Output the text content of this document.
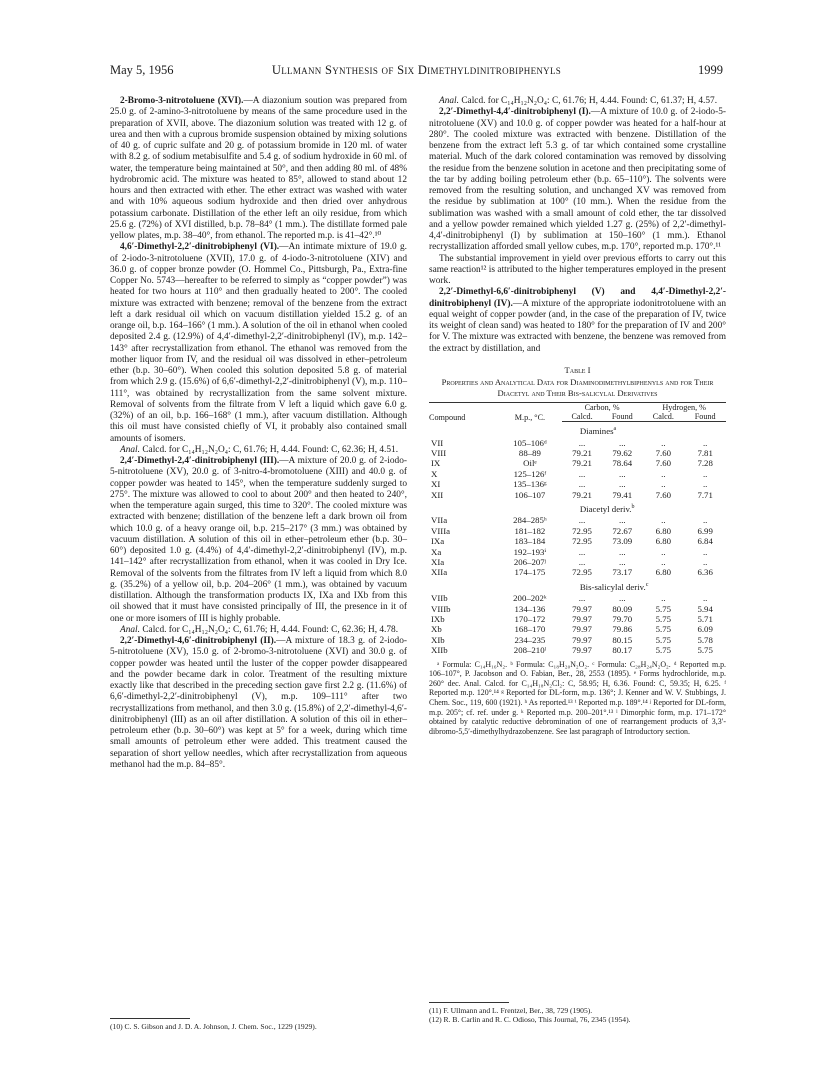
May 5, 1956	Ullmann Synthesis of Six Dimethyldinitrobiphenyls	1999

2-Bromo-3-nitrotoluene (XVI).—A diazonium soution was prepared from 25.0 g. of 2-amino-3-nitrotoluene by means of the same procedure used in the preparation of XVII, above. The diazonium solution was treated with 12 g. of urea and then with a cuprous bromide suspension obtained by mixing solutions of 40 g. of cupric sulfate and 20 g. of potassium bromide in 120 ml. of water with 8.2 g. of sodium metabisulfite and 5.4 g. of sodium hydroxide in 60 ml. of water, the temperature being maintained at 50°, and then adding 80 ml. of 48% hydrobromic acid. The mixture was heated to 85°, allowed to stand about 12 hours and then extracted with ether. The ether extract was washed with water and with 10% aqueous sodium hydroxide and then dried over anhydrous potassium carbonate. Distillation of the ether left an oily residue, from which 25.6 g. (72%) of XVI distilled, b.p. 78–84° (1 mm.). The distillate formed pale yellow plates, m.p. 38–40°, from ethanol. The reported m.p. is 41–42°.¹⁰

4,6′-Dimethyl-2,2′-dinitrobiphenyl (VI).—An intimate mixture of 19.0 g. of 2-iodo-3-nitrotoluene (XVII), 17.0 g. of 4-iodo-3-nitrotoluene (XIV) and 36.0 g. of copper bronze powder (O. Hommel Co., Pittsburgh, Pa., Extra-fine Copper No. 5743—hereafter to be referred to simply as “copper powder”) was heated for two hours at 110° and then gradually heated to 200°. The cooled mixture was extracted with benzene; removal of the benzene from the extract left a dark residual oil which on vacuum distillation yielded 15.2 g. of an orange oil, b.p. 164–166° (1 mm.). A solution of the oil in ethanol when cooled deposited 2.4 g. (12.9%) of 4,4′-dimethyl-2,2′-dinitrobiphenyl (IV), m.p. 142–143° after recrystallization from ethanol. The ethanol was removed from the mother liquor from IV, and the residual oil was dissolved in ether–petroleum ether (b.p. 30–60°). When cooled this solution deposited 5.8 g. of material from which 2.9 g. (15.6%) of 6,6′-dimethyl-2,2′-dinitrobiphenyl (V), m.p. 110–111°, was obtained by recrystallization from the same solvent mixture. Removal of solvents from the filtrate from V left a liquid which gave 6.0 g. (32%) of an oil, b.p. 166–168° (1 mm.), after vacuum distillation. Although this oil must have consisted chiefly of VI, it probably also contained small amounts of isomers.

Anal. Calcd. for C₁₄H₁₂N₂O₄: C, 61.76; H, 4.44. Found: C, 62.36; H, 4.51.

2,4′-Dimethyl-2,4′-dinitrobiphenyl (III).—A mixture of 20.0 g. of 2-iodo-5-nitrotoluene (XV), 20.0 g. of 3-nitro-4-bromotoluene (XIII) and 40.0 g. of copper powder was heated to 145°, when the temperature suddenly surged to 275°. The mixture was allowed to cool to about 200° and then heated to 240°, when the temperature again surged, this time to 320°. The cooled mixture was extracted with benzene; distillation of the benzene left a dark brown oil from which 10.0 g. of a heavy orange oil, b.p. 215–217° (3 mm.) was obtained by vacuum distillation. A solution of this oil in ether–petroleum ether (b.p. 30–60°) deposited 1.0 g. (4.4%) of 4,4′-dimethyl-2,2′-dinitrobiphenyl (IV), m.p. 141–142° after recrystallization from ethanol, when it was cooled in Dry Ice. Removal of the solvents from the filtrates from IV left a liquid from which 8.0 g. (35.2%) of a yellow oil, b.p. 204–206° (1 mm.), was obtained by vacuum distillation. Although the transformation products IX, IXa and IXb from this oil showed that it must have consisted principally of III, the presence in it of one or more isomers of III is highly probable.

Anal. Calcd. for C₁₄H₁₂N₂O₄: C, 61.76; H, 4.44. Found: C, 62.36; H, 4.78.

2,2′-Dimethyl-4,6′-dinitrobiphenyl (II).—A mixture of 18.3 g. of 2-iodo-5-nitrotoluene (XV), 15.0 g. of 2-bromo-3-nitrotoluene (XVI) and 30.0 g. of copper powder was heated until the luster of the copper powder disappeared and the powder became dark in color. Treatment of the resulting mixture exactly like that described in the preceding section gave first 2.2 g. (11.6%) of 6,6′-dimethyl-2,2′-dinitrobiphenyl (V), m.p. 109–111° after two recrystallizations from methanol, and then 3.0 g. (15.8%) of 2,2′-dimethyl-4,6′-dinitrobiphenyl (III) as an oil after distillation. A solution of this oil in ether–petroleum ether (b.p. 30–60°) was kept at 5° for a week, during which time small amounts of petroleum ether were added. This treatment caused the separation of short yellow needles, which after recrystallization from aqueous methanol had the m.p. 84–85°.

Anal. Calcd. for C₁₄H₁₂N₂O₄: C, 61.76; H, 4.44. Found: C, 61.37; H, 4.57.

2,2′-Dimethyl-4,4′-dinitrobiphenyl (I).—A mixture of 10.0 g. of 2-iodo-5-nitrotoluene (XV) and 10.0 g. of copper powder was heated for a half-hour at 280°. The cooled mixture was extracted with benzene. Distillation of the benzene from the extract left 5.3 g. of tar which contained some crystalline material. Much of the dark colored contamination was removed by dissolving the residue from the benzene solution in acetone and then precipitating some of the tar by adding boiling petroleum ether (b.p. 65–110°). The solvents were removed from the resulting solution, and unchanged XV was removed from the residue by sublimation at 100° (10 mm.). When the residue from the sublimation was washed with a small amount of cold ether, the tar dissolved and a yellow powder remained which yielded 1.27 g. (25%) of 2,2′-dimethyl-4,4′-dinitrobiphenyl (I) by sublimation at 150–160° (1 mm.). Ethanol recrystallization afforded small yellow cubes, m.p. 170°, reported m.p. 170°.¹¹

The substantial improvement in yield over previous efforts to carry out this same reaction¹² is attributed to the higher temperatures employed in the present work.

2,2′-Dimethyl-6,6′-dinitrobiphenyl (V) and 4,4′-Dimethyl-2,2′-dinitrobiphenyl (IV).—A mixture of the appropriate iodonitrotoluene with an equal weight of copper powder (and, in the case of the preparation of IV, twice its weight of clean sand) was heated to 180° for the preparation of IV and 200° for V. The mixture was extracted with benzene, the benzene was removed from the extract by distillation, and

Table I
Properties and Analytical Data for Diaminodimethylbiphenyls and for Their Diacetyl and Their Bis-salicylal Derivatives
Compound	M.p., °C.	Carbon, %		Hydrogen, %	
		Calcd.	Found	Calcd.	Found
		Diamines$^a$
VII	105–106ᵈ	...	...	..	..
VIII	88–89	79.21	79.62	7.60	7.81
IX	Oilᵉ	79.21	78.64	7.60	7.28
X	125–126ᶠ	...	...	..	..
XI	135–136ᵍ	...	...	..	..
XII	106–107	79.21	79.41	7.60	7.71
		Diacetyl deriv.$^b$
VIIa	284–285ʰ	...	...	..	..
VIIIa	181–182	72.95	72.67	6.80	6.99
IXa	183–184	72.95	73.09	6.80	6.84
Xa	192–193ⁱ	...	...	..	..
XIa	206–207ʲ	...	...	..	..
XIIa	174–175	72.95	73.17	6.80	6.36
		Bis-salicylal deriv.$^c$
VIIb	200–202ᵏ	...	...	..	..
VIIIb	134–136	79.97	80.09	5.75	5.94
IXb	170–172	79.97	79.70	5.75	5.71
Xb	168–170	79.97	79.86	5.75	6.09
XIb	234–235	79.97	80.15	5.75	5.78
XIIb	208–210ˡ	79.97	80.17	5.75	5.75

ᵃ Formula: C₁₄H₁₆N₂. ᵇ Formula: C₁₈H₂₀N₂O₂. ᶜ Formula: C₂₈H₂₄N₂O₂. ᵈ Reported m.p. 106–107°, P. Jacobson and O. Fabian, Ber., 28, 2553 (1895). ᵉ Forms hydrochloride, m.p. 260° dec. Anal. Calcd. for C₁₄H₁₈N₂Cl₂: C, 58.95; H, 6.36. Found: C, 59.35; H, 6.25. ᶠ Reported m.p. 120°.¹⁴ ᵍ Reported for DL-form, m.p. 136°; J. Kenner and W. V. Stubbings, J. Chem. Soc., 119, 600 (1921). ʰ As reported.¹³ ⁱ Reported m.p. 189°.¹⁴ ʲ Reported for DL-form, m.p. 205°; cf. ref. under g. ᵏ Reported m.p. 200–201°.¹³ ˡ Dimorphic form, m.p. 171–172° obtained by catalytic reductive debromination of one of rearrangement products of 3,3′-dibromo-5,5′-dimethylhydrazobenzene. See last paragraph of Introductory section.

(10) C. S. Gibson and J. D. A. Johnson, J. Chem. Soc., 1229 (1929).
(11) F. Ullmann and L. Frentzel, Ber., 38, 729 (1905).
(12) R. B. Carlin and R. C. Odioso, This Journal, 76, 2345 (1954).
